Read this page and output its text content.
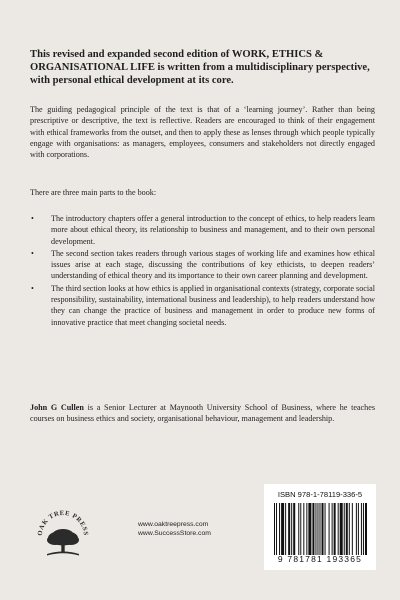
This revised and expanded second edition of WORK, ETHICS & ORGANISATIONAL LIFE is written from a multidisciplinary perspective, with personal ethical development at its core.

The guiding pedagogical principle of the text is that of a ‘learning journey’. Rather than being prescriptive or descriptive, the text is reflective. Readers are encouraged to think of their engagement with ethical frameworks from the outset, and then to apply these as lenses through which people typically engage with organisations: as managers, employees, consumers and stakeholders not directly engaged with corporations.

There are three main parts to the book:

• The introductory chapters offer a general introduction to the concept of ethics, to help readers learn more about ethical theory, its relationship to business and management, and to their own personal development.
• The second section takes readers through various stages of working life and examines how ethical issues arise at each stage, discussing the contributions of key ethicists, to deepen readers’ understanding of ethical theory and its importance to their own career planning and development.
• The third section looks at how ethics is applied in organisational contexts (strategy, corporate social responsibility, sustainability, international business and leadership), to help readers understand how they can change the practice of business and management in order to produce new forms of innovative practice that meet changing societal needs.

John G Cullen is a Senior Lecturer at Maynooth University School of Business, where he teaches courses on business ethics and society, organisational behaviour, management and leadership.

OAK TREE PRESS
www.oaktreepress.com
www.SuccessStore.com
ISBN 978-1-78119-336-5
9 781781 193365
